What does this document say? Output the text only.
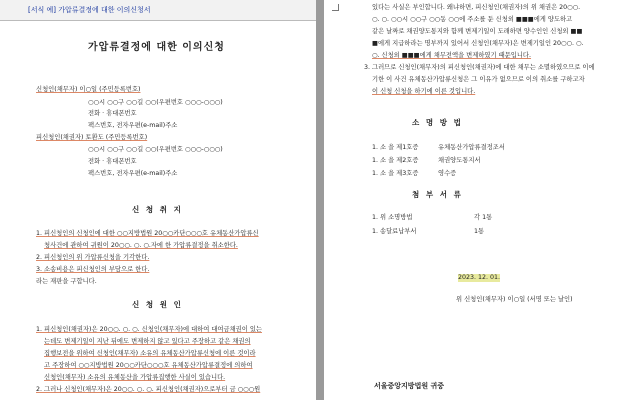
[서식 예] 가압류결정에 대한 이의신청서
가압류결정에 대한 이의신청
신청인(채무자) 이○일 (주민등록번호)
○○시 ○○구 ○○길 ○○(우편번호 ○○○-○○○)
전화 · 휴대폰번호
팩스번호, 전자우편(e-mail)주소
피신청인(채권자) 토환도 (주민등록번호)
○○시 ○○구 ○○길 ○○(우편번호 ○○○-○○○)
전화 · 휴대폰번호
팩스번호, 전자우편(e-mail)주소
신 청 취 지
1. 피신청인의 신청인에 대한 ○○지방법원 20○○카단○○○호 유체동산가압류신
청사건에 관하여 귀원이 20○○. ○. ○.자에 한 가압류결정을 취소한다.
2. 피신청인의 위 가압류신청을 기각한다.
3. 소송비용은 피신청인의 부담으로 한다.
라는 재판을 구합니다.
신 청 원 인
1. 피신청인(채권자)은 20○○. ○. ○. 신청인(채무자)에 대하여 대여금채권이 있는
는데도 변제기일이 지난 뒤에도 변제하지 않고 있다고 주장하고 같은 채권의
집행보전을 위하여 신청인(채무자) 소유의 유체동산가압류신청에 이른 것이라
고 주장하여 ○○지방법원 20○○카단○○○호 유체동산가압류결정에 의하여
신청인(채무자) 소유의 유체동산을 가압류집행한 사실이 있습니다.
2. 그러나 신청인(채무자)은 20○○. ○. ○. 피신청인(채권자)으로부터 금 ○○○원
있다는 사실은 부인합니다. 왜냐하면, 피신청인(채권자)의 위 채권은 20○○.
○. ○. ○○시 ○○구 ○○동 ○○에 주소를 둔 신청외 ■■■에게 양도하고
같은 날짜로 채권양도통지와 함께 변제기일이 도래하면 양수인인 신청외 ■■
■에게 지급하라는 명부까지 있어서 신청인(채무자)은 변제기일인 20○○. ○.
○. 신청외 ■■■에게 채무전액을 변제하였기 때문입니다.
3. 그러므로 신청인(채무자)의 피신청인(채권자)에 대한 채무는 소멸하였으므로 이에
기한 이 사건 유체동산가압류신청은 그 이유가 없으므로 이의 취소를 구하고자
이 신청 신청을 하기에 이른 것입니다.
소 명 방 법
1. 소 을 제1호증	유체동산가압류결정조서
1. 소 을 제2호증	채권양도통지서
1. 소 을 제3호증	영수증
첨 부 서 류
1. 위 소명방법	각 1통
1. 송달료납부서	1통
2023. 12. 01.
위 신청인(채무자) 이○일 (서명 또는 날인)
서울중앙지방법원 귀중
